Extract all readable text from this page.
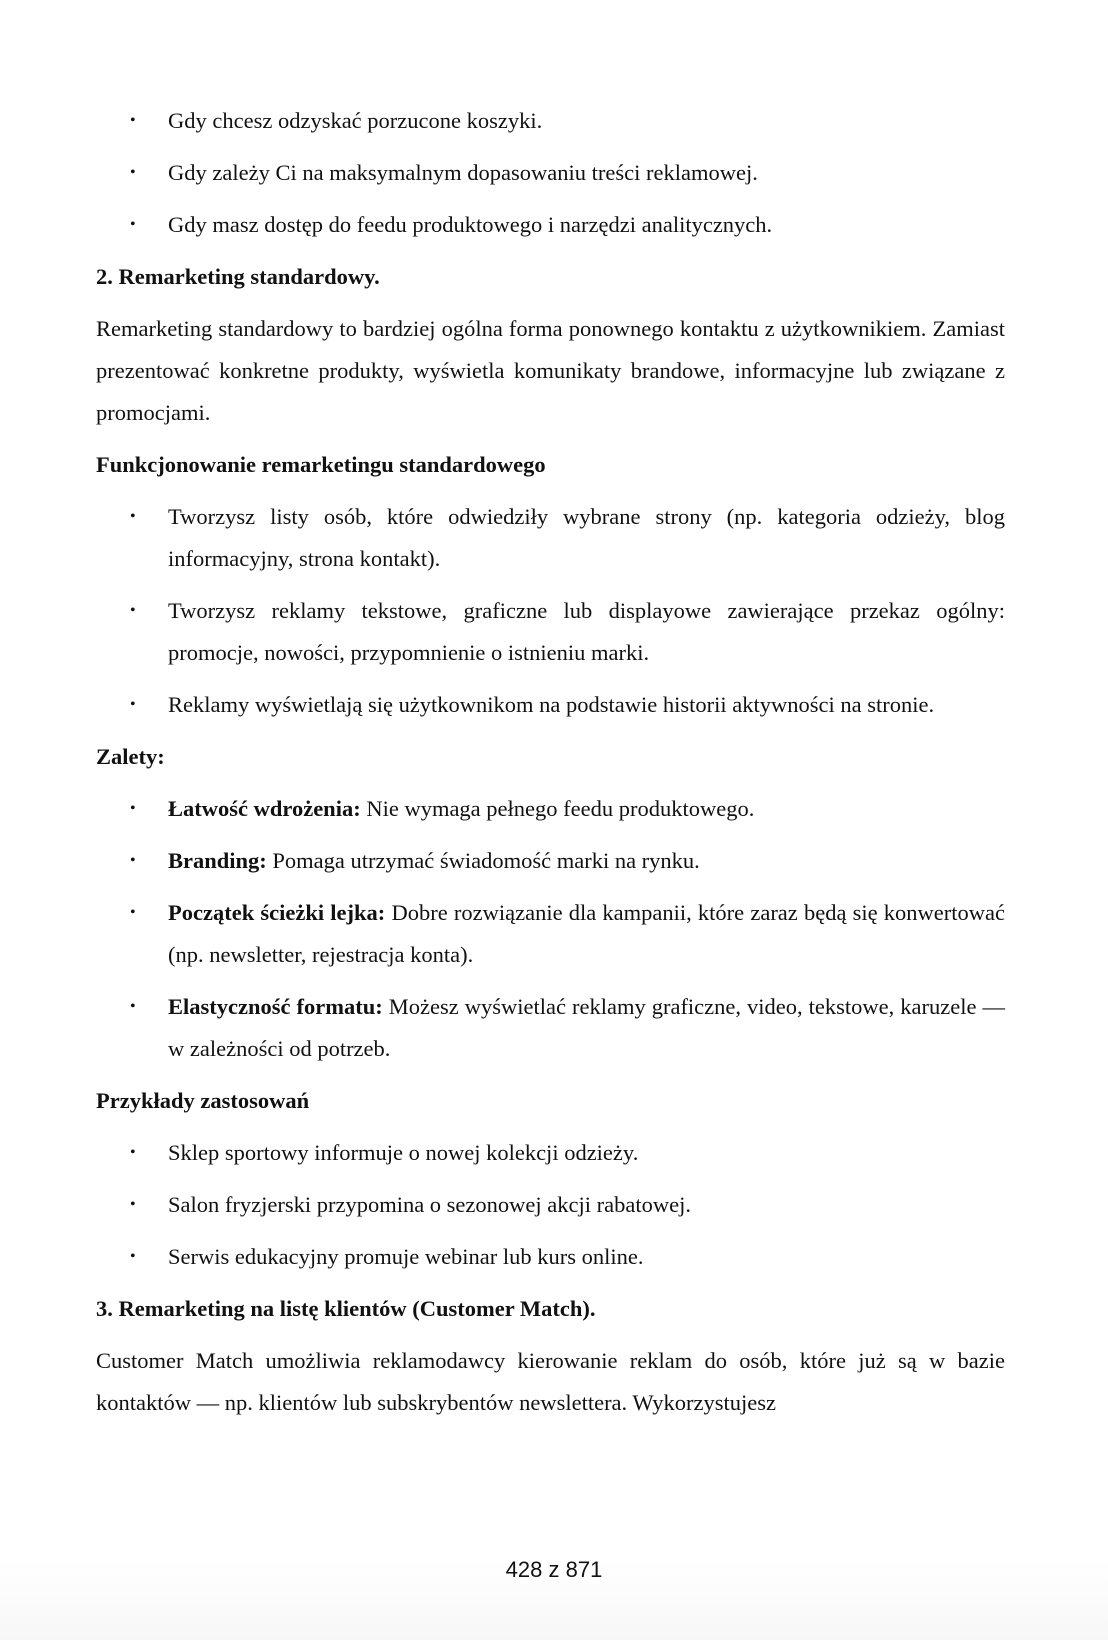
• Gdy chcesz odzyskać porzucone koszyki.
• Gdy zależy Ci na maksymalnym dopasowaniu treści reklamowej.
• Gdy masz dostęp do feedu produktowego i narzędzi analitycznych.
2. Remarketing standardowy.

Remarketing standardowy to bardziej ogólna forma ponownego kontaktu z użytkownikiem. Zamiast prezentować konkretne produkty, wyświetla komunikaty brandowe, informacyjne lub związane z promocjami.

Funkcjonowanie remarketingu standardowego
• Tworzysz listy osób, które odwiedziły wybrane strony (np. kategoria odzieży, blog informacyjny, strona kontakt).
• Tworzysz reklamy tekstowe, graficzne lub displayowe zawierające przekaz ogólny: promocje, nowości, przypomnienie o istnieniu marki.
• Reklamy wyświetlają się użytkownikom na podstawie historii aktywności na stronie.
Zalety:
• Łatwość wdrożenia: Nie wymaga pełnego feedu produktowego.
• Branding: Pomaga utrzymać świadomość marki na rynku.
• Początek ścieżki lejka: Dobre rozwiązanie dla kampanii, które zaraz będą się konwertować (np. newsletter, rejestracja konta).
• Elastyczność formatu: Możesz wyświetlać reklamy graficzne, video, tekstowe, karuzele — w zależności od potrzeb.
Przykłady zastosowań
• Sklep sportowy informuje o nowej kolekcji odzieży.
• Salon fryzjerski przypomina o sezonowej akcji rabatowej.
• Serwis edukacyjny promuje webinar lub kurs online.
3. Remarketing na listę klientów (Customer Match).

Customer Match umożliwia reklamodawcy kierowanie reklam do osób, które już są w bazie kontaktów — np. klientów lub subskrybentów newslettera. Wykorzystujesz

428 z 871
